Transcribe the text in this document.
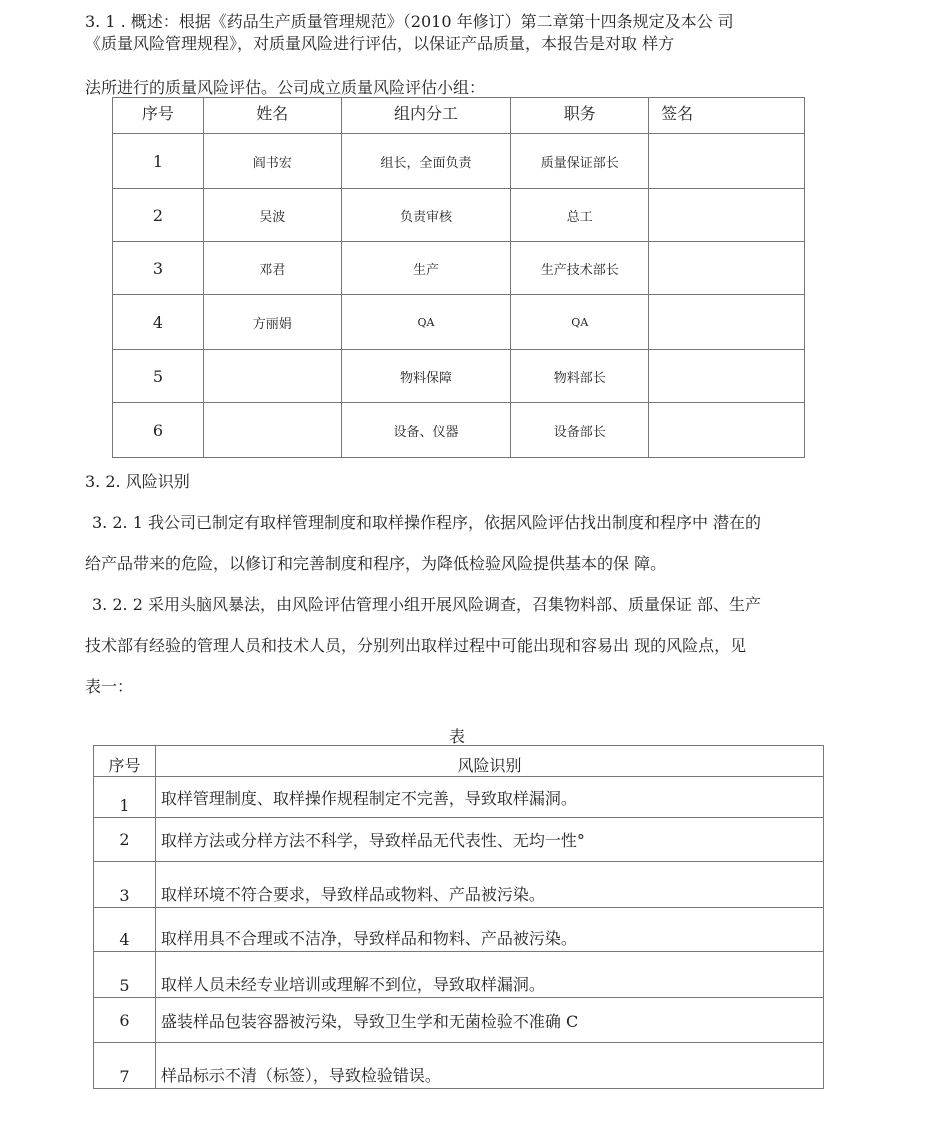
3. 1 . 概述：根据《药品生产质量管理规范》（2010 年修订）第二章第十四条规定及本公 司
《质量风险管理规程》，对质量风险进行评估，以保证产品质量，本报告是对取 样方
法所进行的质量风险评估。公司成立质量风险评估小组：
序号	姓名	组内分工	职务	签名
1	阎书宏	组长，全面负责	质量保证部长	
2	吴波	负责审核	总工	
3	邓君	生产	生产技术部长	
4	方丽娟	QA	QA	
5		物料保障	物料部长	
6		设备、仪器	设备部长	
3. 2. 风险识别
3. 2. 1 我公司已制定有取样管理制度和取样操作程序，依据风险评估找出制度和程序中 潜在的
给产品带来的危险，以修订和完善制度和程序，为降低检验风险提供基本的保 障。
3. 2. 2 采用头脑风暴法，由风险评估管理小组开展风险调查，召集物料部、质量保证 部、生产
技术部有经验的管理人员和技术人员，分别列出取样过程中可能出现和容易出 现的风险点，见
表一：
表
序号	风险识别
1	取样管理制度、取样操作规程制定不完善，导致取样漏洞。
2	取样方法或分样方法不科学，导致样品无代表性、无均一性°
3	取样环境不符合要求，导致样品或物料、产品被污染。
4	取样用具不合理或不洁净，导致样品和物料、产品被污染。
5	取样人员未经专业培训或理解不到位，导致取样漏洞。
6	盛装样品包装容器被污染，导致卫生学和无菌检验不准确 C
7	样品标示不清（标签），导致检验错误。
